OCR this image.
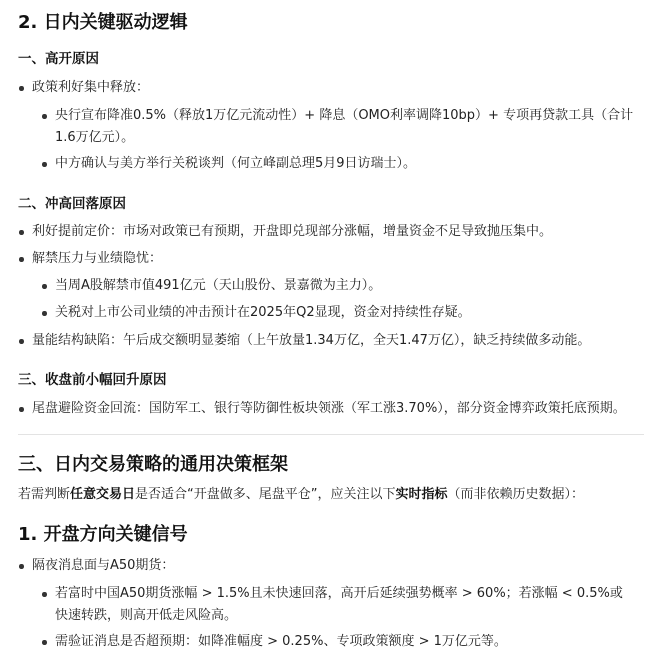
2. 日内关键驱动逻辑
一、高开原因
政策利好集中释放：
央行宣布降准0.5%（释放1万亿元流动性）+ 降息（OMO利率调降10bp）+ 专项再贷款工具（合计1.6万亿元）。
中方确认与美方举行关税谈判（何立峰副总理5月9日访瑞士）。
二、冲高回落原因
利好提前定价：市场对政策已有预期，开盘即兑现部分涨幅，增量资金不足导致抛压集中。
解禁压力与业绩隐忧：
当周A股解禁市值491亿元（天山股份、景嘉微为主力）。
关税对上市公司业绩的冲击预计在2025年Q2显现，资金对持续性存疑。
量能结构缺陷：午后成交额明显萎缩（上午放量1.34万亿，全天1.47万亿），缺乏持续做多动能。
三、收盘前小幅回升原因
尾盘避险资金回流：国防军工、银行等防御性板块领涨（军工涨3.70%），部分资金博弈政策托底预期。
三、日内交易策略的通用决策框架
若需判断任意交易日是否适合“开盘做多、尾盘平仓”，应关注以下实时指标（而非依赖历史数据）：
1. 开盘方向关键信号
隔夜消息面与A50期货：
若富时中国A50期货涨幅 > 1.5%且未快速回落，高开后延续强势概率 > 60%；若涨幅 < 0.5%或快速转跌，则高开低走风险高。
需验证消息是否超预期：如降准幅度 > 0.25%、专项政策额度 > 1万亿元等。
